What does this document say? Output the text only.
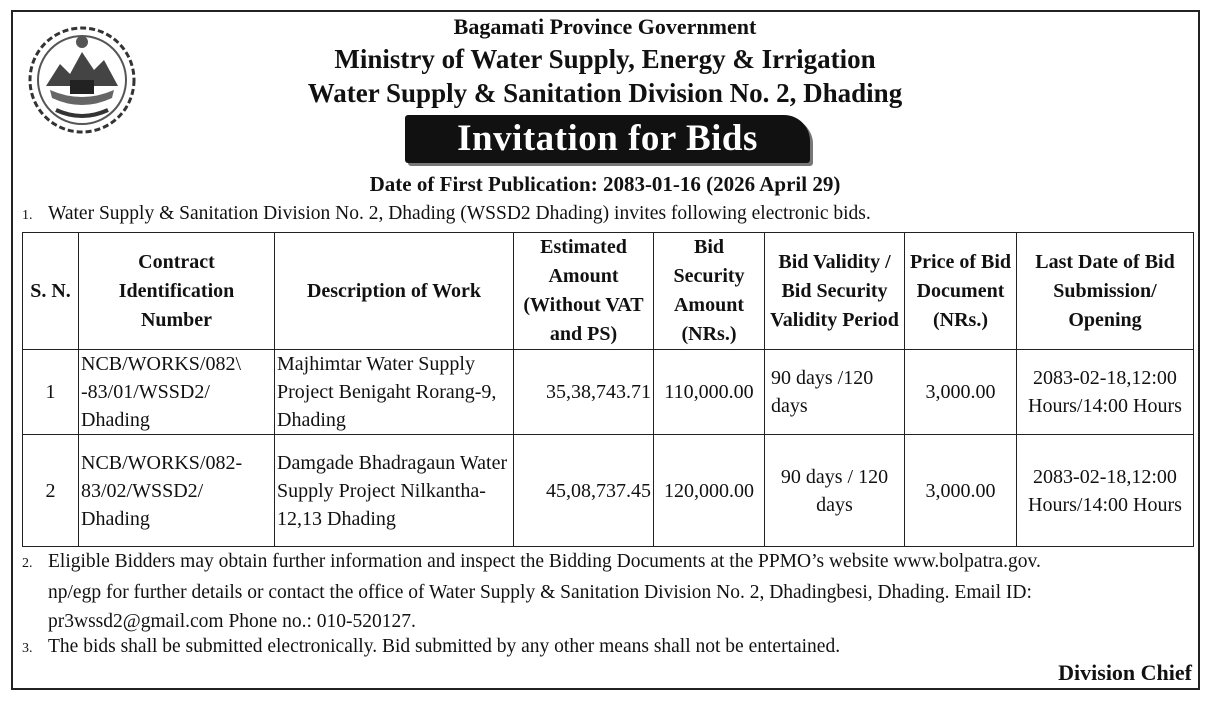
Bagamati Province Government
Ministry of Water Supply, Energy & Irrigation
Water Supply & Sanitation Division No. 2, Dhading
Invitation for Bids
Date of First Publication: 2083-01-16 (2026 April 29)
1. Water Supply & Sanitation Division No. 2, Dhading (WSSD2 Dhading) invites following electronic bids.
S. N.	Contract Identification Number	Description of Work	Estimated Amount (Without VAT and PS)	Bid Security Amount (NRs.)	Bid Validity / Bid Security Validity Period	Price of Bid Document (NRs.)	Last Date of Bid Submission/ Opening
1	NCB/WORKS/082\ -83/01/WSSD2/ Dhading	Majhimtar Water Supply Project Benigaht Rorang-9, Dhading	35,38,743.71	110,000.00	90 days /120 days	3,000.00	2083-02-18,12:00 Hours/14:00 Hours
2	NCB/WORKS/082- 83/02/WSSD2/ Dhading	Damgade Bhadragaun Water Supply Project Nilkantha-12,13 Dhading	45,08,737.45	120,000.00	90 days / 120 days	3,000.00	2083-02-18,12:00 Hours/14:00 Hours
2. Eligible Bidders may obtain further information and inspect the Bidding Documents at the PPMO’s website www.bolpatra.gov.
np/egp for further details or contact the office of Water Supply & Sanitation Division No. 2, Dhadingbesi, Dhading. Email ID:
pr3wssd2@gmail.com Phone no.: 010-520127.
3. The bids shall be submitted electronically. Bid submitted by any other means shall not be entertained.
Division Chief
